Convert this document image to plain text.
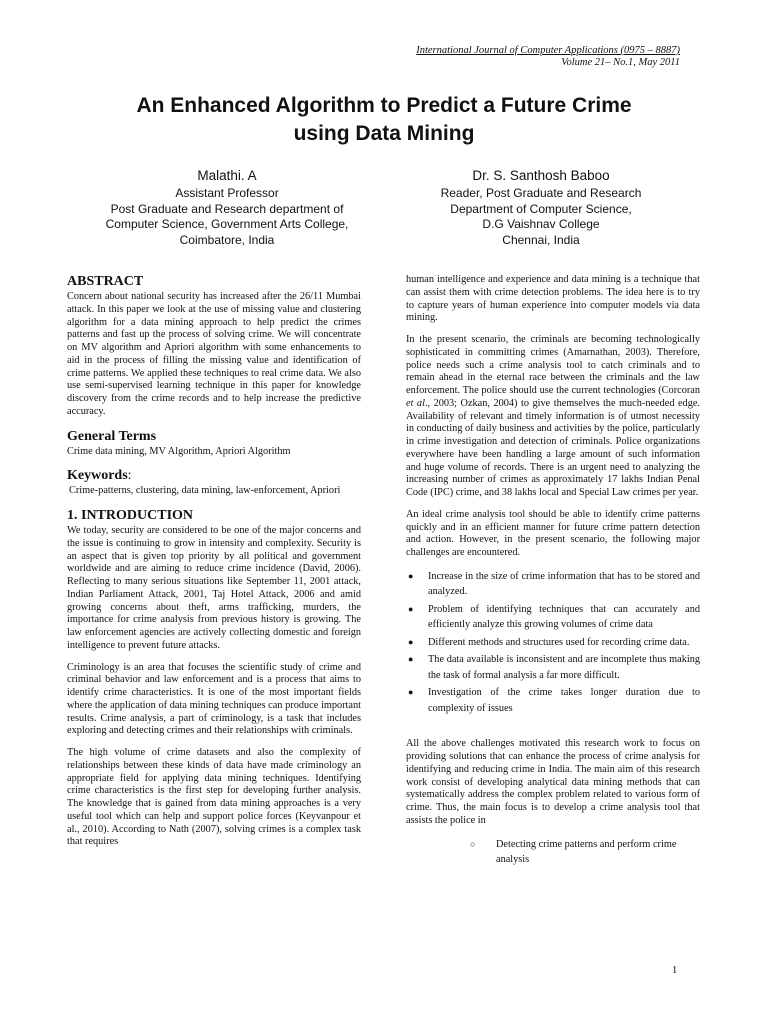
International Journal of Computer Applications (0975 – 8887)
Volume 21– No.1, May 2011
An Enhanced Algorithm to Predict a Future Crime
using Data Mining
Malathi. A
Assistant Professor
Post Graduate and Research department of
Computer Science, Government Arts College,
Coimbatore, India
Dr. S. Santhosh Baboo
Reader, Post Graduate and Research
Department of Computer Science,
D.G Vaishnav College
Chennai, India
ABSTRACT

Concern about national security has increased after the 26/11 Mumbai attack. In this paper we look at the use of missing value and clustering algorithm for a data mining approach to help predict the crimes patterns and fast up the process of solving crime. We will concentrate on MV algorithm and Apriori algorithm with some enhancements to aid in the process of filling the missing value and identification of crime patterns. We applied these techniques to real crime data. We also use semi-supervised learning technique in this paper for knowledge discovery from the crime records and to help increase the predictive accuracy.

General Terms

Crime data mining, MV Algorithm, Apriori Algorithm

Keywords:

Crime-patterns, clustering, data mining, law-enforcement, Apriori

1. INTRODUCTION

We today, security are considered to be one of the major concerns and the issue is continuing to grow in intensity and complexity. Security is an aspect that is given top priority by all political and government worldwide and are aiming to reduce crime incidence (David, 2006). Reflecting to many serious situations like September 11, 2001 attack, Indian Parliament Attack, 2001, Taj Hotel Attack, 2006 and amid growing concerns about theft, arms trafficking, murders, the importance for crime analysis from previous history is growing. The law enforcement agencies are actively collecting domestic and foreign intelligence to prevent future attacks.

Criminology is an area that focuses the scientific study of crime and criminal behavior and law enforcement and is a process that aims to identify crime characteristics. It is one of the most important fields where the application of data mining techniques can produce important results. Crime analysis, a part of criminology, is a task that includes exploring and detecting crimes and their relationships with criminals.

The high volume of crime datasets and also the complexity of relationships between these kinds of data have made criminology an appropriate field for applying data mining techniques. Identifying crime characteristics is the first step for developing further analysis. The knowledge that is gained from data mining approaches is a very useful tool which can help and support police forces (Keyvanpour et al., 2010). According to Nath (2007), solving crimes is a complex task that requires

human intelligence and experience and data mining is a technique that can assist them with crime detection problems. The idea here is to try to capture years of human experience into computer models via data mining.

In the present scenario, the criminals are becoming technologically sophisticated in committing crimes (Amarnathan, 2003). Therefore, police needs such a crime analysis tool to catch criminals and to remain ahead in the eternal race between the criminals and the law enforcement. The police should use the current technologies (Corcoran et al., 2003; Ozkan, 2004) to give themselves the much-needed edge. Availability of relevant and timely information is of utmost necessity in conducting of daily business and activities by the police, particularly in crime investigation and detection of criminals. Police organizations everywhere have been handling a large amount of such information and huge volume of records. There is an urgent need to analyzing the increasing number of crimes as approximately 17 lakhs Indian Penal Code (IPC) crime, and 38 lakhs local and Special Law crimes per year.

An ideal crime analysis tool should be able to identify crime patterns quickly and in an efficient manner for future crime pattern detection and action. However, in the present scenario, the following major challenges are encountered.

● Increase in the size of crime information that has to be stored and analyzed.
● Problem of identifying techniques that can accurately and efficiently analyze this growing volumes of crime data
● Different methods and structures used for recording crime data.
● The data available is inconsistent and are incomplete thus making the task of formal analysis a far more difficult.
● Investigation of the crime takes longer duration due to complexity of issues

All the above challenges motivated this research work to focus on providing solutions that can enhance the process of crime analysis for identifying and reducing crime in India. The main aim of this research work consist of developing analytical data mining methods that can systematically address the complex problem related to various form of crime. Thus, the main focus is to develop a crime analysis tool that assists the police in

○ Detecting crime patterns and perform crime analysis
1
